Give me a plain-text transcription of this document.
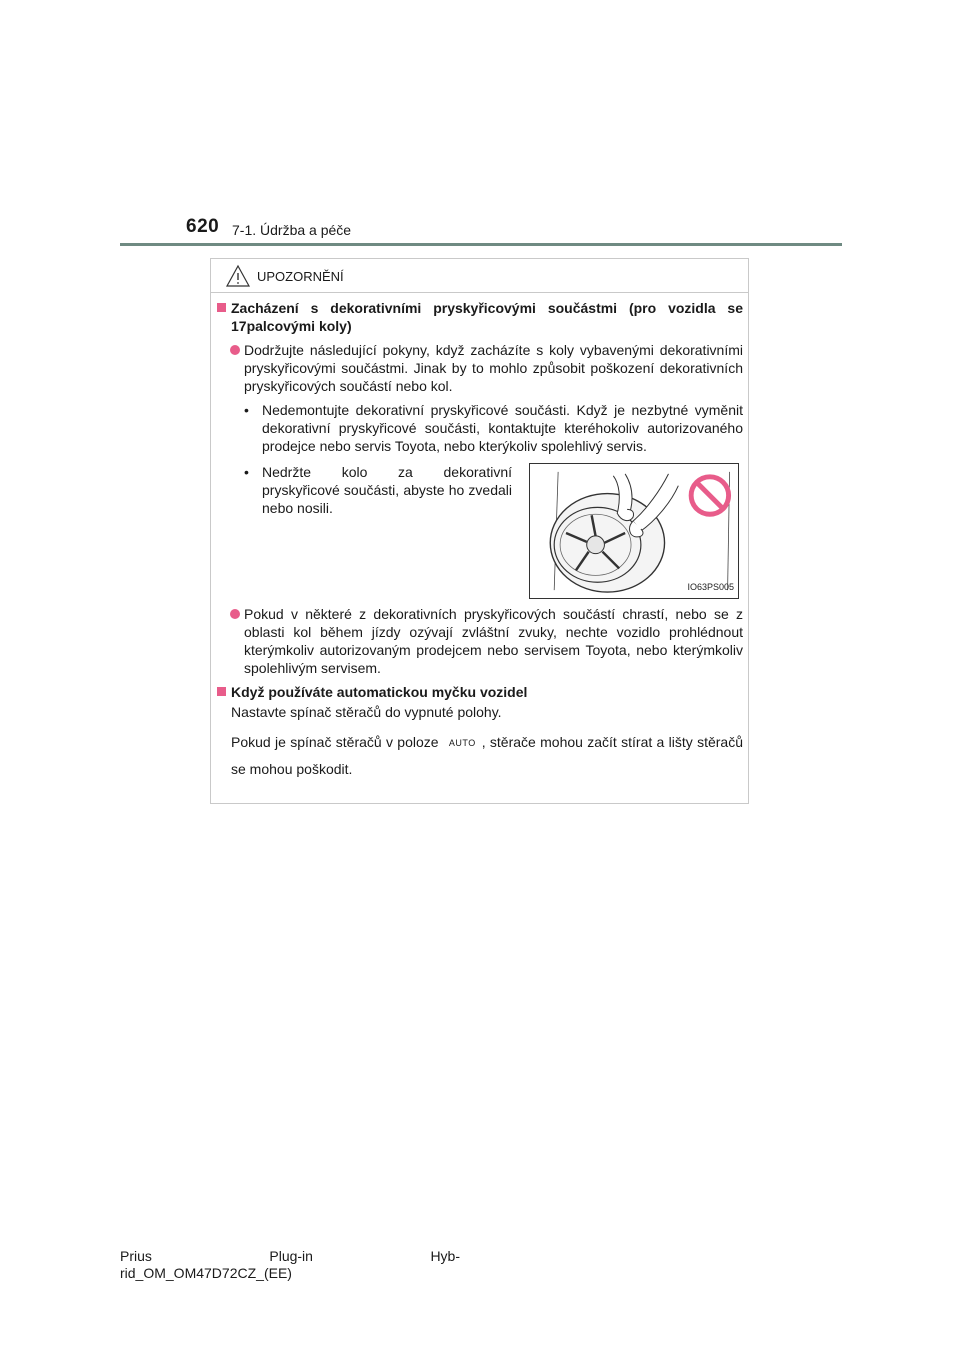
620 7-1. Údržba a péče
UPOZORNĚNÍ
Zacházení s dekorativními pryskyřicovými součástmi (pro vozidla se 17palcovými koly)
Dodržujte následující pokyny, když zacházíte s koly vybavenými dekorativními pryskyřicovými součástmi. Jinak by to mohlo způsobit poškození dekorativních pryskyřicových součástí nebo kol.
• Nedemontujte dekorativní pryskyřicové součásti. Když je nezbytné vyměnit dekorativní pryskyřicové součásti, kontaktujte kteréhokoliv autorizovaného prodejce nebo servis Toyota, nebo kterýkoliv spolehlivý servis.
• Nedržte kolo za dekorativní pryskyřicové součásti, abyste ho zvedali nebo nosili.
IO63PS005
Pokud v některé z dekorativních pryskyřicových součástí chrastí, nebo se z oblasti kol během jízdy ozývají zvláštní zvuky, nechte vozidlo prohlédnout kterýmkoliv autorizovaným prodejcem nebo servisem Toyota, nebo kterýmkoliv spolehlivým servisem.
Když používáte automatickou myčku vozidel
Nastavte spínač stěračů do vypnuté polohy.
Pokud je spínač stěračů v poloze AUTO , stěrače mohou začít stírat a lišty stěračů se mohou poškodit.
Prius	Plug-in	Hyb-
rid_OM_OM47D72CZ_(EE)
